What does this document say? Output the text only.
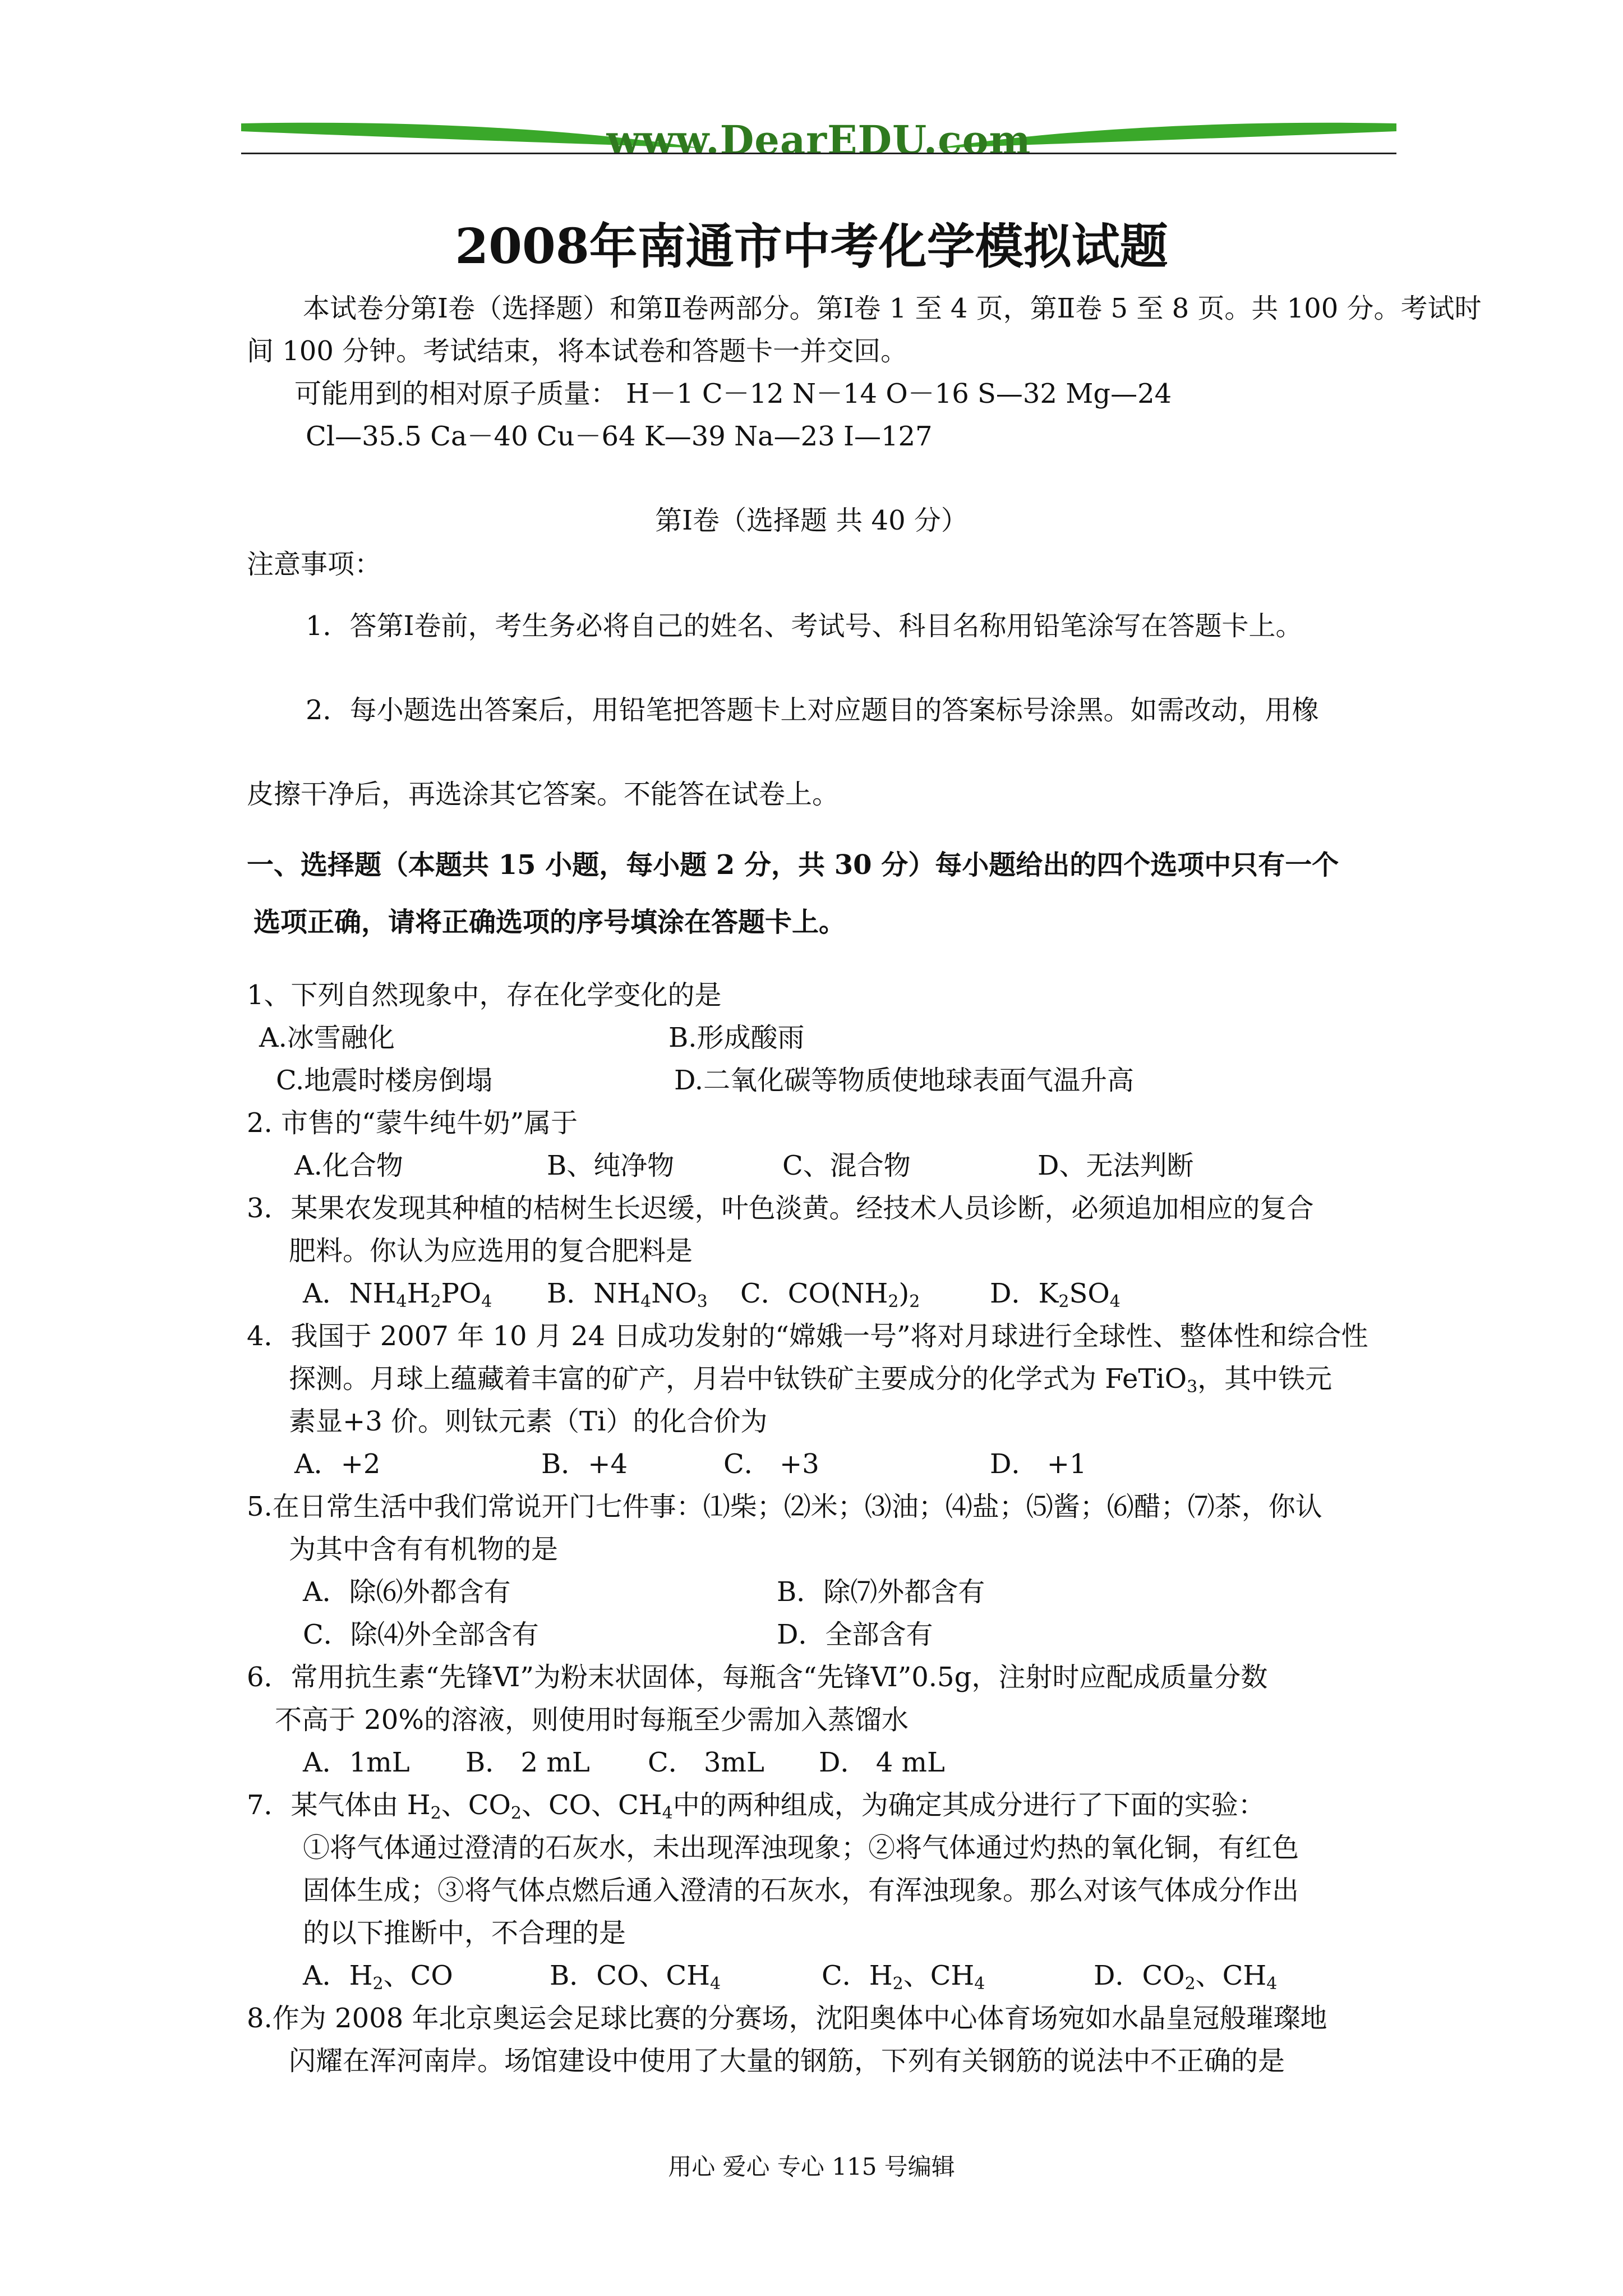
www.DearEDU.com
2008年南通市中考化学模拟试题
本试卷分第Ⅰ卷（选择题）和第Ⅱ卷两部分。第Ⅰ卷 1 至 4 页，第Ⅱ卷 5 至 8 页。共 100 分。考试时
间 100 分钟。考试结束，将本试卷和答题卡一并交回。
可能用到的相对原子质量： H－1 C－12 N－14 O－16 S—32 Mg—24
Cl—35.5 Ca－40 Cu－64 K—39 Na—23 I—127
第Ⅰ卷（选择题 共 40 分）
注意事项：
1．答第Ⅰ卷前，考生务必将自己的姓名、考试号、科目名称用铅笔涂写在答题卡上。
2．每小题选出答案后，用铅笔把答题卡上对应题目的答案标号涂黑。如需改动，用橡
皮擦干净后，再选涂其它答案。不能答在试卷上。
一、选择题（本题共 15 小题，每小题 2 分，共 30 分）每小题给出的四个选项中只有一个
选项正确，请将正确选项的序号填涂在答题卡上。
1、下列自然现象中，存在化学变化的是
A.冰雪融化	B.形成酸雨
C.地震时楼房倒塌	D.二氧化碳等物质使地球表面气温升高
2. 市售的“蒙牛纯牛奶”属于
A.化合物	B、纯净物	C、混合物	D、无法判断
3．某果农发现其种植的桔树生长迟缓，叶色淡黄。经技术人员诊断，必须追加相应的复合
肥料。你认为应选用的复合肥料是
A．$NH_4H_2PO_4$ B．$NH_4NO_3$ C．$CO(NH_2)_2$	D．$K_2SO_4$
4．我国于 2007 年 10 月 24 日成功发射的“嫦娥一号”将对月球进行全球性、整体性和综合性
探测。月球上蕴藏着丰富的矿产，月岩中钛铁矿主要成分的化学式为 FeTiO$_3$，其中铁元
素显+3 价。则钛元素（Ti）的化合价为
A．+2	B．+4	C． +3	D． +1
5.在日常生活中我们常说开门七件事：⑴柴；⑵米；⑶油；⑷盐；⑸酱；⑹醋；⑺茶，你认
为其中含有有机物的是
A．除⑹外都含有	B．除⑺外都含有
C．除⑷外全部含有	D．全部含有
6．常用抗生素“先锋Ⅵ”为粉末状固体，每瓶含“先锋Ⅵ”0.5g，注射时应配成质量分数
不高于 20%的溶液，则使用时每瓶至少需加入蒸馏水
A．1mL B． 2 mL C． 3mL D． 4 mL
7．某气体由 $H_2$、$CO_2$、CO、$CH_4$中的两种组成，为确定其成分进行了下面的实验：
①将气体通过澄清的石灰水，未出现浑浊现象；②将气体通过灼热的氧化铜，有红色
固体生成；③将气体点燃后通入澄清的石灰水，有浑浊现象。那么对该气体成分作出
的以下推断中，不合理的是
A．$H_2$、CO	B．CO、$CH_4$	C．$H_2$、$CH_4$	D．$CO_2$、$CH_4$
8.作为 2008 年北京奥运会足球比赛的分赛场，沈阳奥体中心体育场宛如水晶皇冠般璀璨地
闪耀在浑河南岸。场馆建设中使用了大量的钢筋，下列有关钢筋的说法中不正确的是
用心 爱心 专心 115 号编辑
